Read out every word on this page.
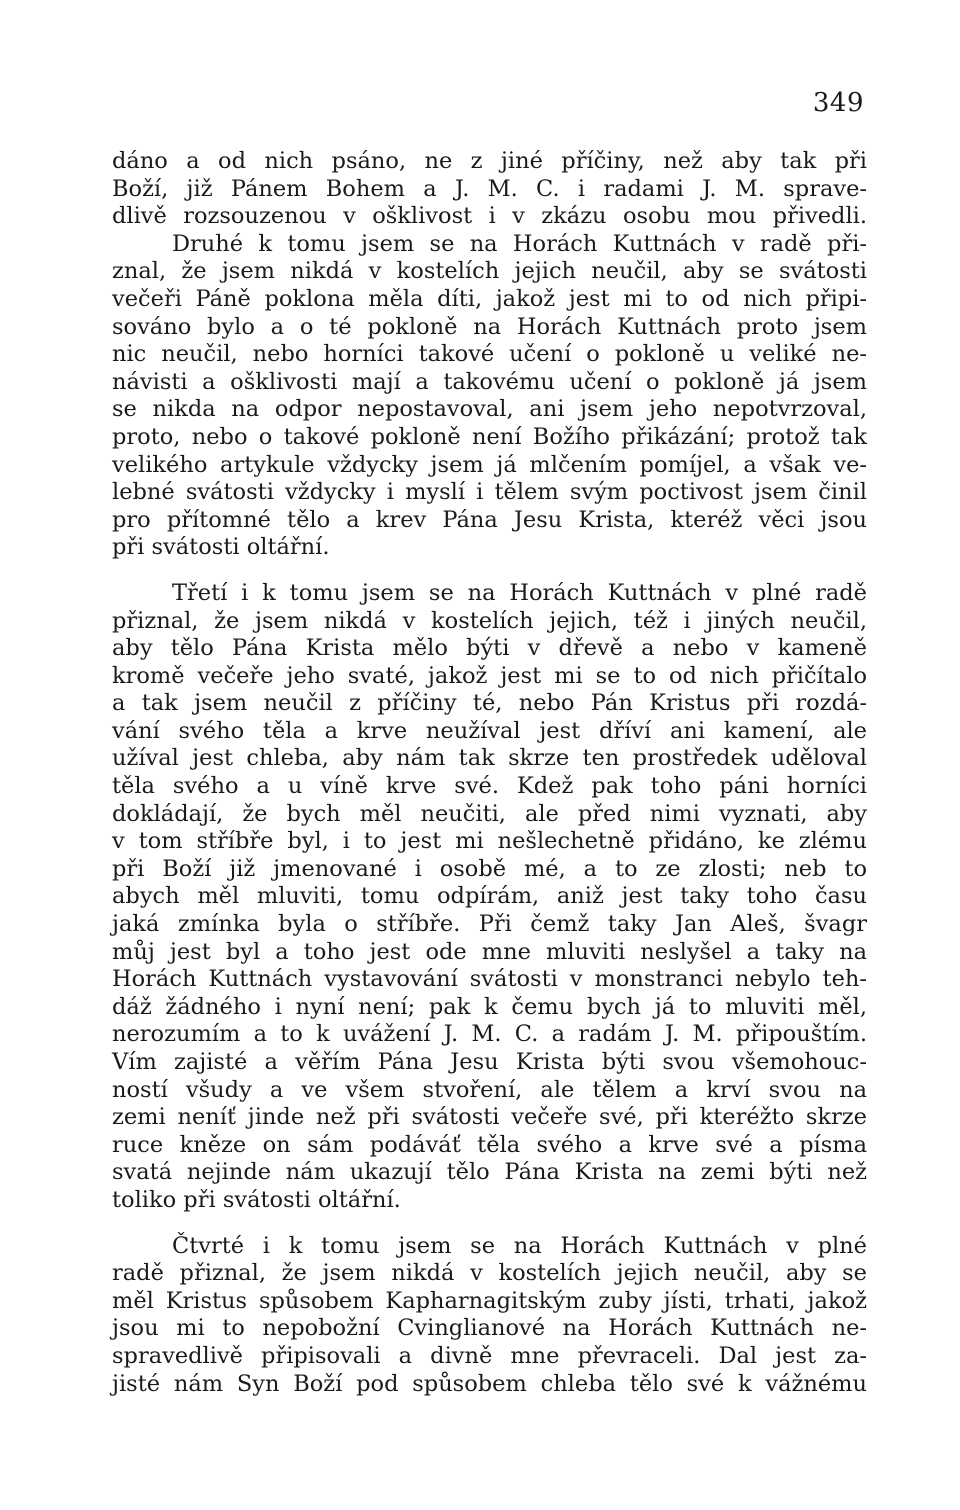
349
dáno a od nich psáno, ne z jiné příčiny, než aby tak při
Boží, již Pánem Bohem a J. M. C. i radami J. M. sprave-
dlivě rozsouzenou v ošklivost i v zkázu osobu mou přivedli.
Druhé k tomu jsem se na Horách Kuttnách v radě při-
znal, že jsem nikdá v kostelích jejich neučil, aby se svátosti
večeři Páně poklona měla díti, jakož jest mi to od nich připi-
sováno bylo a o té pokloně na Horách Kuttnách proto jsem
nic neučil, nebo horníci takové učení o pokloně u veliké ne-
návisti a ošklivosti mají a takovému učení o pokloně já jsem
se nikda na odpor nepostavoval, ani jsem jeho nepotvrzoval,
proto, nebo o takové pokloně není Božího přikázání; protož tak
velikého artykule vždycky jsem já mlčením pomíjel, a však ve-
lebné svátosti vždycky i myslí i tělem svým poctivost jsem činil
pro přítomné tělo a krev Pána Jesu Krista, kteréž věci jsou
při svátosti oltářní.
Třetí i k tomu jsem se na Horách Kuttnách v plné radě
přiznal, že jsem nikdá v kostelích jejich, též i jiných neučil,
aby tělo Pána Krista mělo býti v dřevě a nebo v kameně
kromě večeře jeho svaté, jakož jest mi se to od nich přičítalo
a tak jsem neučil z příčiny té, nebo Pán Kristus při rozdá-
vání svého těla a krve neužíval jest dříví ani kamení, ale
užíval jest chleba, aby nám tak skrze ten prostředek uděloval
těla svého a u víně krve své. Kdež pak toho páni horníci
dokládají, že bych měl neučiti, ale před nimi vyznati, aby
v tom stříbře byl, i to jest mi nešlechetně přidáno, ke zlému
při Boží již jmenované i osobě mé, a to ze zlosti; neb to
abych měl mluviti, tomu odpírám, aniž jest taky toho času
jaká zmínka byla o stříbře. Při čemž taky Jan Aleš, švagr
můj jest byl a toho jest ode mne mluviti neslyšel a taky na
Horách Kuttnách vystavování svátosti v monstranci nebylo teh-
dáž žádného i nyní není; pak k čemu bych já to mluviti měl,
nerozumím a to k uvážení J. M. C. a radám J. M. připouštím.
Vím zajisté a věřím Pána Jesu Krista býti svou všemohouc-
ností všudy a ve všem stvoření, ale tělem a krví svou na
zemi neníť jinde než při svátosti večeře své, při kteréžto skrze
ruce kněze on sám podáváť těla svého a krve své a písma
svatá nejinde nám ukazují tělo Pána Krista na zemi býti než
toliko při svátosti oltářní.
Čtvrté i k tomu jsem se na Horách Kuttnách v plné
radě přiznal, že jsem nikdá v kostelích jejich neučil, aby se
měl Kristus spůsobem Kapharnagitským zuby jísti, trhati, jakož
jsou mi to nepobožní Cvinglianové na Horách Kuttnách ne-
spravedlivě připisovali a divně mne převraceli. Dal jest za-
jisté nám Syn Boží pod spůsobem chleba tělo své k vážnému
